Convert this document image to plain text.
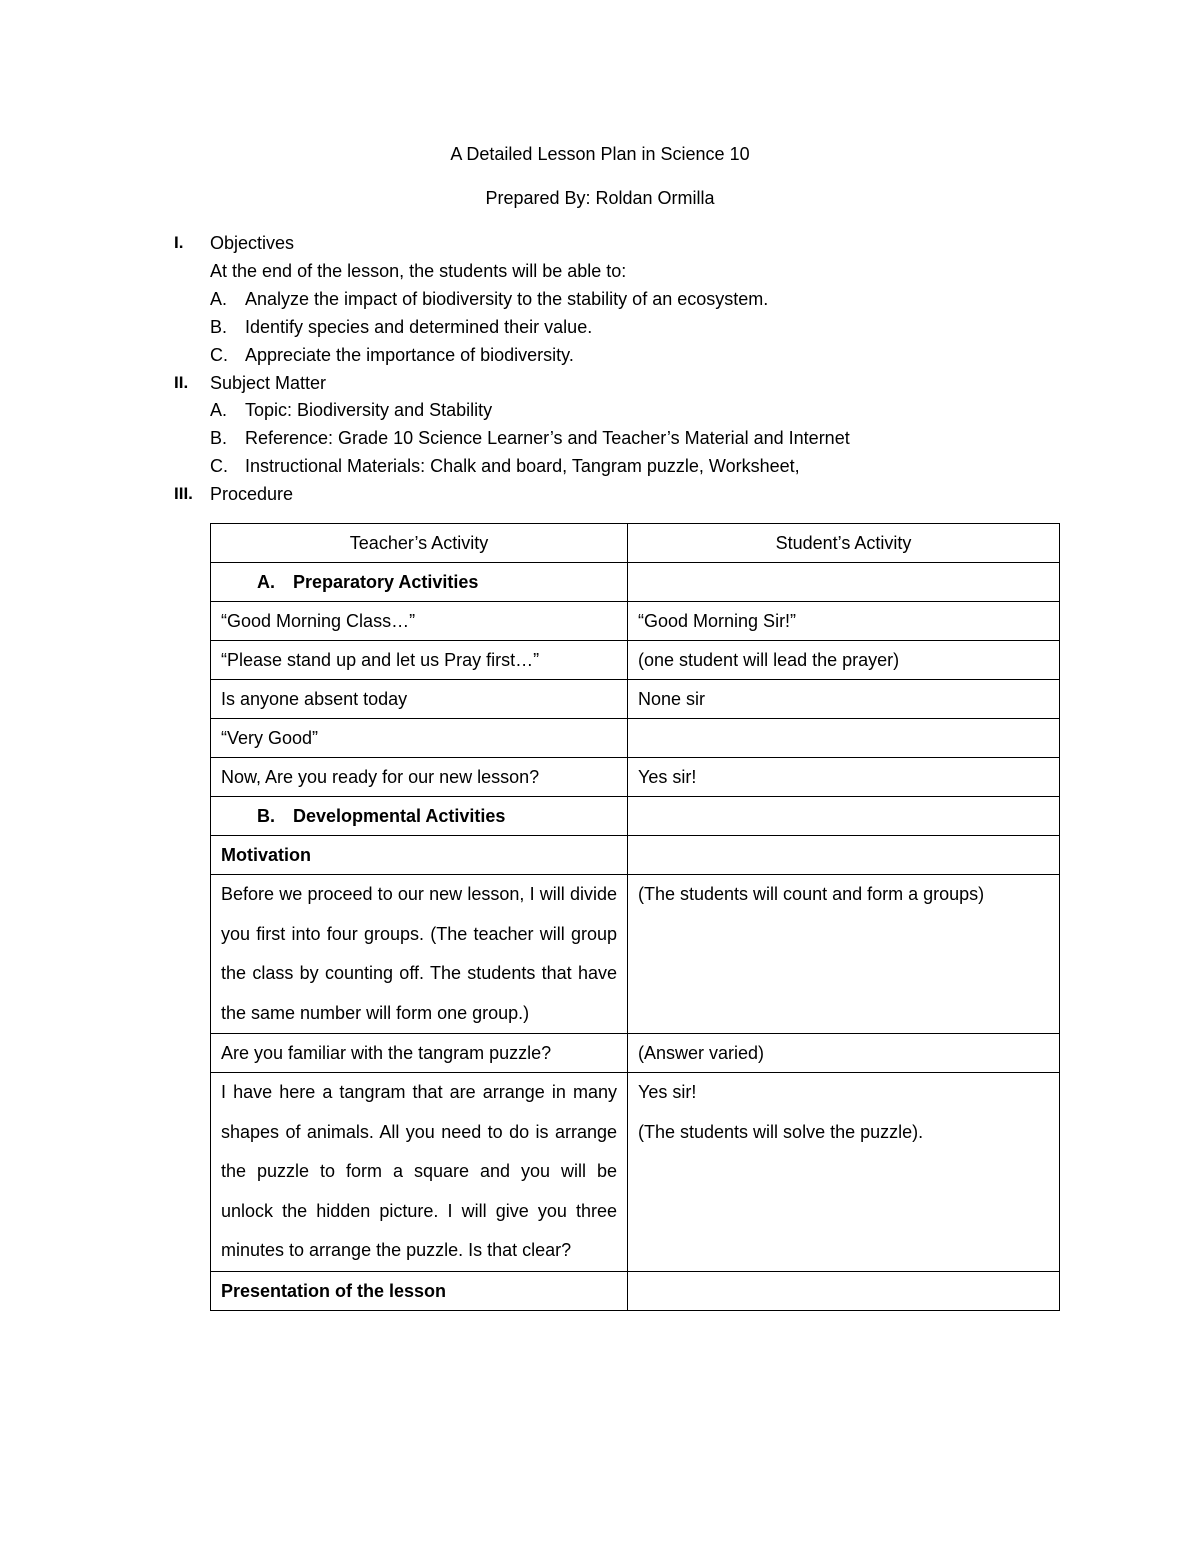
A Detailed Lesson Plan in Science 10
Prepared By: Roldan Ormilla
I. Objectives
At the end of the lesson, the students will be able to:
A. Analyze the impact of biodiversity to the stability of an ecosystem.
B. Identify species and determined their value.
C. Appreciate the importance of biodiversity.
II. Subject Matter
A. Topic: Biodiversity and Stability
B. Reference: Grade 10 Science Learner’s and Teacher’s Material and Internet
C. Instructional Materials: Chalk and board, Tangram puzzle, Worksheet,
III. Procedure
Teacher’s Activity	Student’s Activity
A. Preparatory Activities	
“Good Morning Class…”	“Good Morning Sir!”
“Please stand up and let us Pray first…”	(one student will lead the prayer)
Is anyone absent today	None sir
“Very Good”	
Now, Are you ready for our new lesson?	Yes sir!
B. Developmental Activities	
Motivation	
Before we proceed to our new lesson, I will divide you first into four groups. (The teacher will group the class by counting off. The students that have the same number will form one group.)	(The students will count and form a groups)
Are you familiar with the tangram puzzle?	(Answer varied)
I have here a tangram that are arrange in many shapes of animals. All you need to do is arrange the puzzle to form a square and you will be unlock the hidden picture. I will give you three minutes to arrange the puzzle. Is that clear?	Yes sir!
(The students will solve the puzzle).

Presentation of the lesson	
